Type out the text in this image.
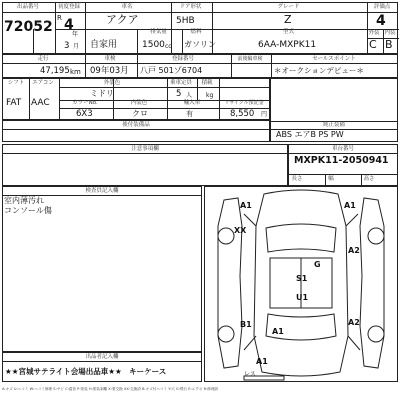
出品番号
72052
初度登録
R 4
年
3 月
車名
アクア
自家用
ドア形状
5HB
排気量
1500 cc
燃料
ガソリン
グレード
Z
型式
6AA-MXPK11
評価点
4
外装 内装
C B
走行
47,195 km
車検
09年03月
登録番号
八戸 501ゾ6704
前後輪車検	セールスポイント
＊オークションデビュー＊
シフト	エアコン
FAT AAC
外装色
ミドリ
乗車定員
5 人
積載
kg
カラーNo.
6X3
内装色
クロ
輸入車
有
リサイクル預託金
8,550 円
後付装備品	純正装備
ABS エアB PS PW
注意事項欄	車台番号
MXPK11-2050941
長さ	幅	高さ
検査員記入欄
室内薄汚れ
コンソール傷
A1	A1
XX
A2
G
S1
U1
B1	A2
A1
A1
レス
出品者記入欄
★★宮城サテライト会場出品車★★　キーケース
A:キズ U:ヘコミ W:ヘコミ修理 S:サビ C:腐食 P:塗装 H:塗装剥離 X:要交換 XX:交換済 B:キズ付ヘコミ Y:穴 G:飛石 E:エクボ R:修理跡
